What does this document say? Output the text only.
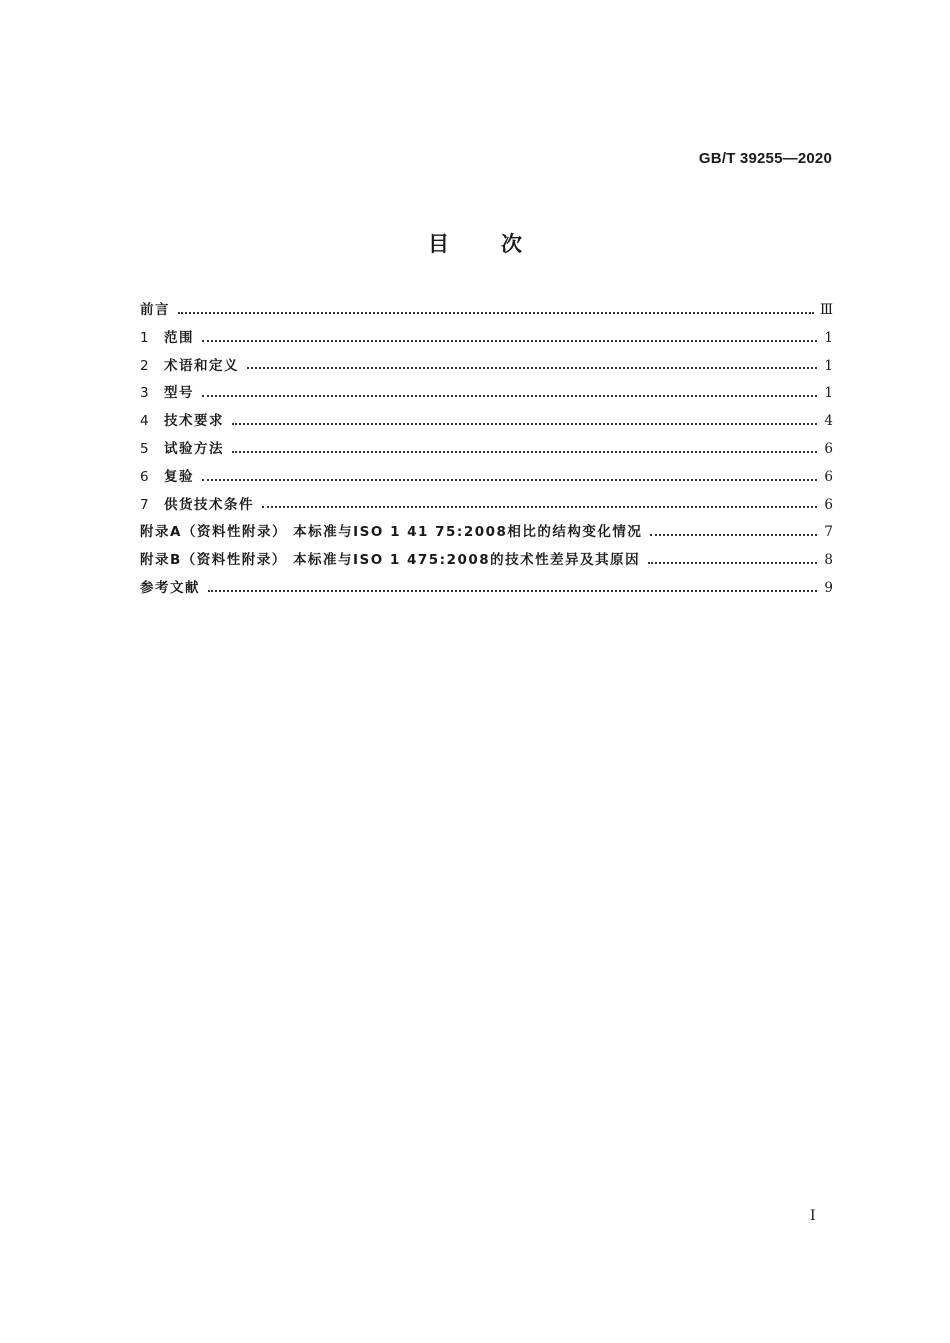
GB/T 39255—2020
目次
前言	Ⅲ
1	范围	1
2	术语和定义	1
3	型号	1
4	技术要求	4
5	试验方法	6
6	复验	6
7	供货技术条件	6
附录A（资料性附录） 本标准与ISO 1 41 75:2008相比的结构变化情况	7
附录B（资料性附录） 本标准与ISO 1 475:2008的技术性差异及其原因	8
参考文献	9
I
